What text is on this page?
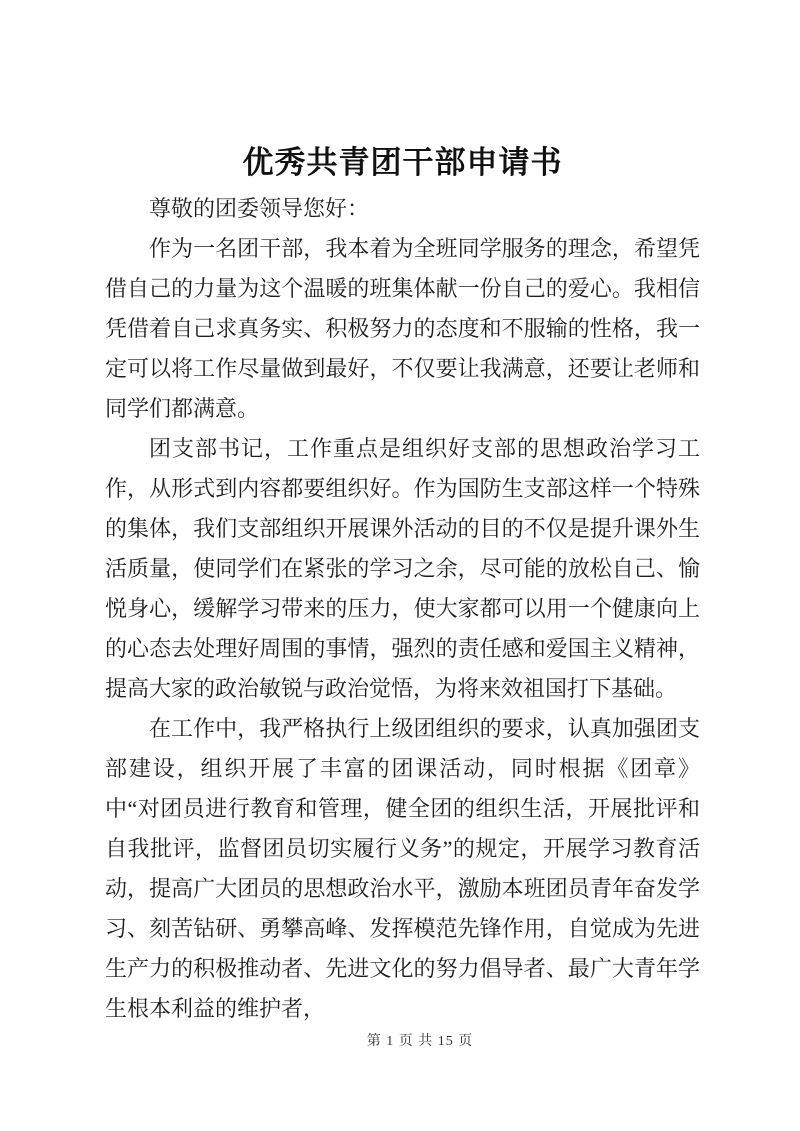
优秀共青团干部申请书

尊敬的团委领导您好：

作为一名团干部，我本着为全班同学服务的理念，希望凭借自己的力量为这个温暖的班集体献一份自己的爱心。我相信凭借着自己求真务实、积极努力的态度和不服输的性格，我一定可以将工作尽量做到最好，不仅要让我满意，还要让老师和同学们都满意。

团支部书记，工作重点是组织好支部的思想政治学习工作，从形式到内容都要组织好。作为国防生支部这样一个特殊的集体，我们支部组织开展课外活动的目的不仅是提升课外生活质量，使同学们在紧张的学习之余，尽可能的放松自己、愉悦身心，缓解学习带来的压力，使大家都可以用一个健康向上的心态去处理好周围的事情，强烈的责任感和爱国主义精神，提高大家的政治敏锐与政治觉悟，为将来效祖国打下基础。

在工作中，我严格执行上级团组织的要求，认真加强团支部建设，组织开展了丰富的团课活动，同时根据《团章》中“对团员进行教育和管理，健全团的组织生活，开展批评和自我批评，监督团员切实履行义务”的规定，开展学习教育活动，提高广大团员的思想政治水平，激励本班团员青年奋发学习、刻苦钻研、勇攀高峰、发挥模范先锋作用，自觉成为先进生产力的积极推动者、先进文化的努力倡导者、最广大青年学生根本利益的维护者，

第 1 页 共 15 页
